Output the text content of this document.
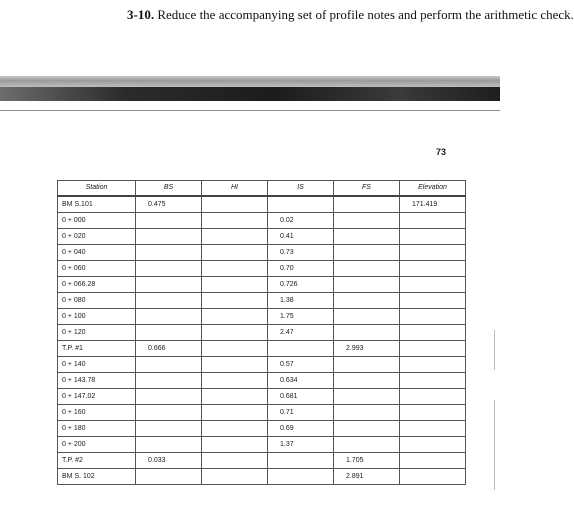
3-10. Reduce the accompanying set of profile notes and perform the arithmetic check.
73
Station	BS	HI	IS	FS	Elevation
BM S.101	0.475				171.419
0 + 000			0.02		
0 + 020			0.41		
0 + 040			0.73		
0 + 060			0.70		
0 + 066.28			0.726		
0 + 080			1.38		
0 + 100			1.75		
0 + 120			2.47		
T.P. #1	0.666			2.993	
0 + 140			0.57		
0 + 143.78			0.634		
0 + 147.02			0.681		
0 + 160			0.71		
0 + 180			0.69		
0 + 200			1.37		
T.P. #2	0.033			1.705	
BM S. 102				2.891	
